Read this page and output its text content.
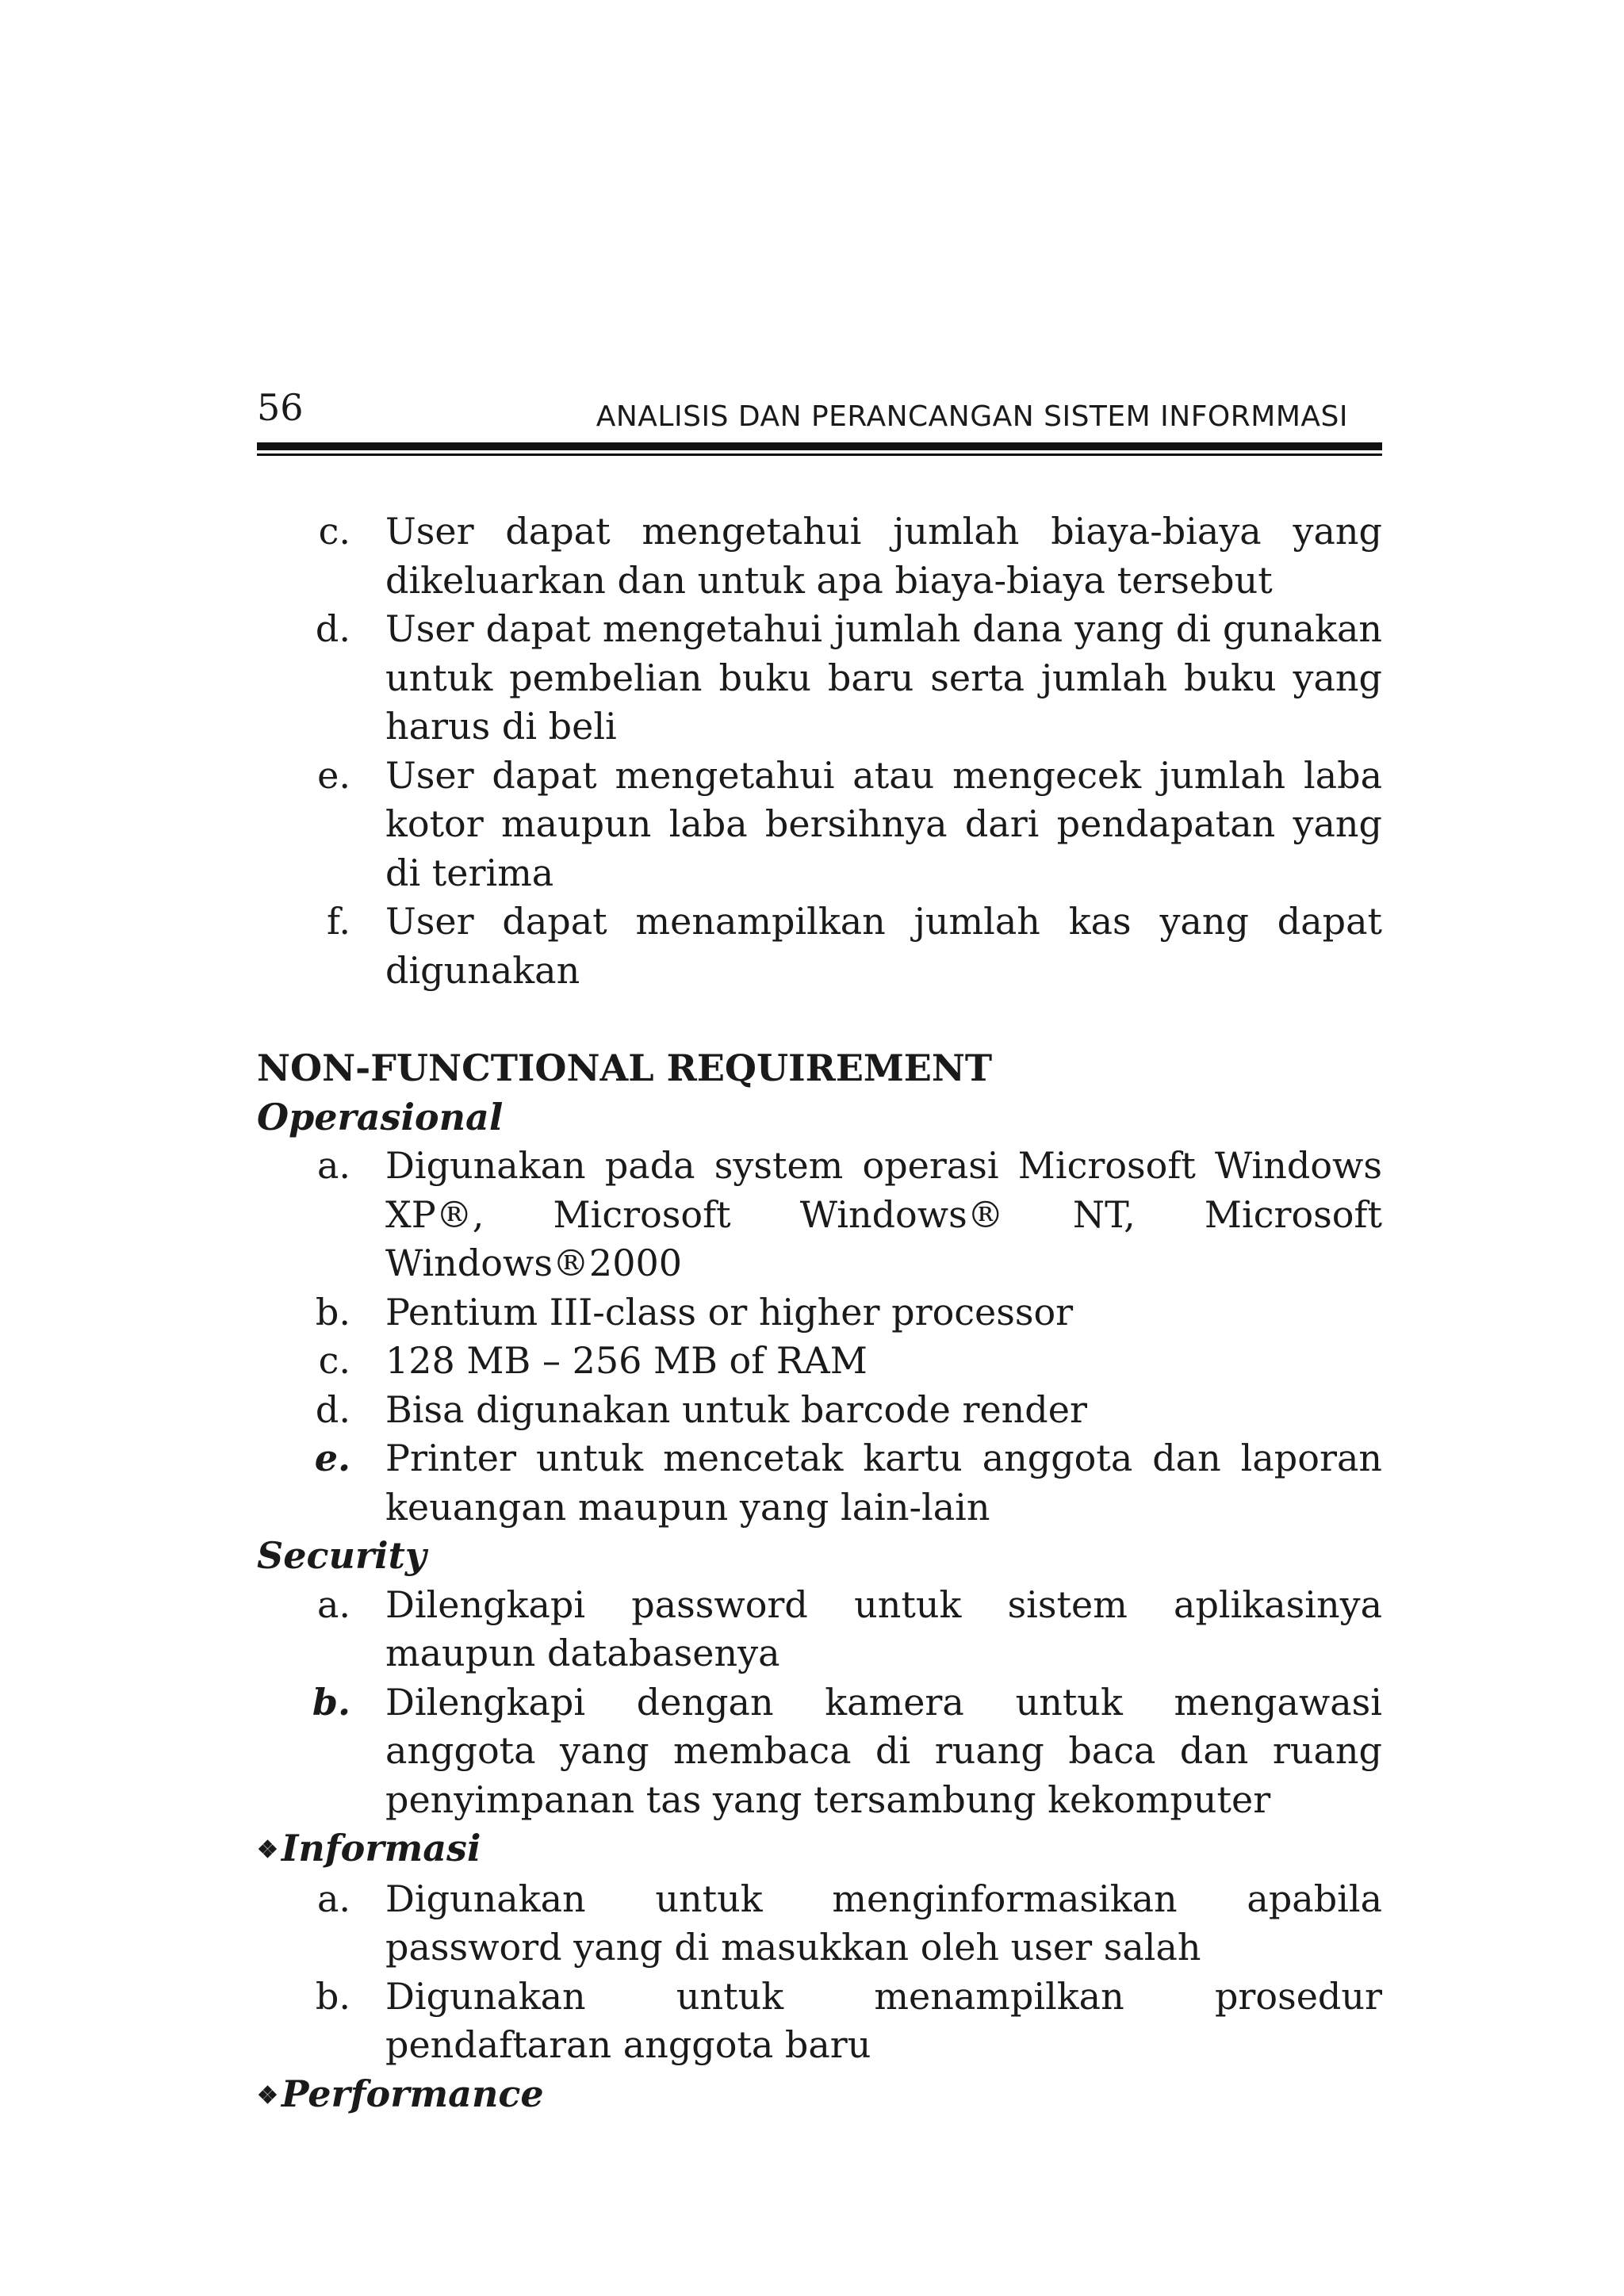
56	ANALISIS DAN PERANCANGAN SISTEM INFORMMASI
c. User dapat mengetahui jumlah biaya-biaya yang dikeluarkan dan untuk apa biaya-biaya tersebut
d. User dapat mengetahui jumlah dana yang di gunakan untuk pembelian buku baru serta jumlah buku yang harus di beli
e. User dapat mengetahui atau mengecek jumlah laba kotor maupun laba bersihnya dari pendapatan yang di terima
f. User dapat menampilkan jumlah kas yang dapat digunakan
NON-FUNCTIONAL REQUIREMENT
Operasional
a. Digunakan pada system operasi Microsoft Windows XP®, Microsoft Windows® NT, Microsoft Windows®2000
b. Pentium III-class or higher processor
c. 128 MB – 256 MB of RAM
d. Bisa digunakan untuk barcode render
e. Printer untuk mencetak kartu anggota dan laporan keuangan maupun yang lain-lain
Security
a. Dilengkapi password untuk sistem aplikasinya maupun databasenya
b. Dilengkapi dengan kamera untuk mengawasi anggota yang membaca di ruang baca dan ruang penyimpanan tas yang tersambung kekomputer
❖Informasi
a. Digunakan untuk menginformasikan apabila password yang di masukkan oleh user salah
b. Digunakan untuk menampilkan prosedur pendaftaran anggota baru
❖Performance
